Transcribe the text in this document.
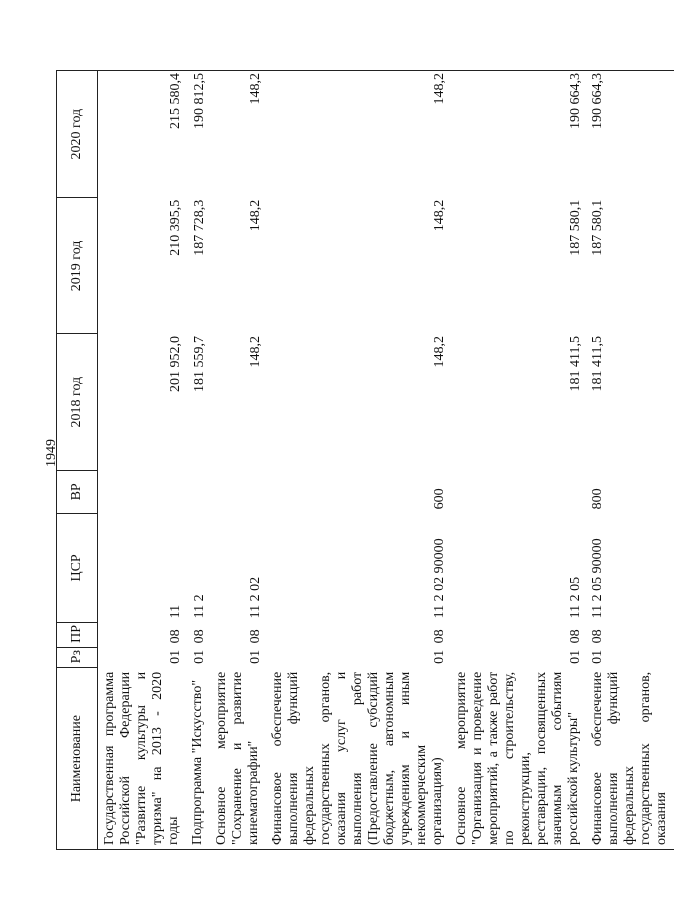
1949
Наименование	Рз	ПР	ЦСР	ВР	2018 год	2019 год	2020 год
Государственная программа Российской Федерации "Развитие культуры и туризма" на 2013 - 2020 годы	01	08	11		201 952,0	210 395,5	215 580,4
Подпрограмма "Искусство"	01	08	11 2		181 559,7	187 728,3	190 812,5
Основное мероприятие "Сохранение и развитие кинематографии"	01	08	11 2 02		148,2	148,2	148,2
Финансовое обеспечение выполнения функций федеральных государственных органов, оказания услуг и выполнения работ (Предоставление субсидий бюджетным, автономным учреждениям и иным некоммерческим организациям)	01	08	11 2 02 90000	600	148,2	148,2	148,2
Основное мероприятие "Организация и проведение мероприятий, а также работ по строительству, реконструкции, реставрации, посвященных значимым событиям российской культуры"	01	08	11 2 05		181 411,5	187 580,1	190 664,3
Финансовое обеспечение выполнения функций федеральных государственных органов, оказания	01	08	11 2 05 90000	800	181 411,5	187 580,1	190 664,3
